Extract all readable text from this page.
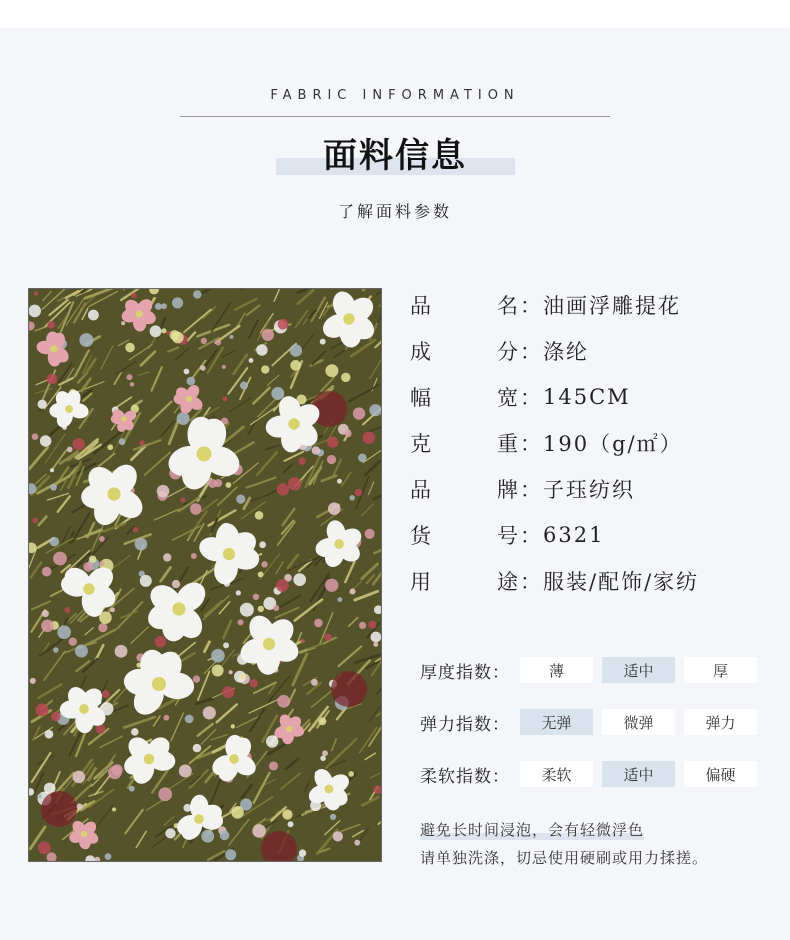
FABRIC INFORMATION
面料信息
了解面料参数
品	名 ： 油画浮雕提花
成	分 ： 涤纶
幅	宽 ： 145CM
克	重 ： 190（g/㎡）
品	牌 ： 子珏纺织
货	号 ： 6321
用	途 ： 服装/配饰/家纺
厚度指数：	薄	适中	厚
弹力指数：	无弹	微弹	弹力
柔软指数：	柔软	适中	偏硬
避免长时间浸泡，会有轻微浮色
请单独洗涤，切忌使用硬刷或用力揉搓。
